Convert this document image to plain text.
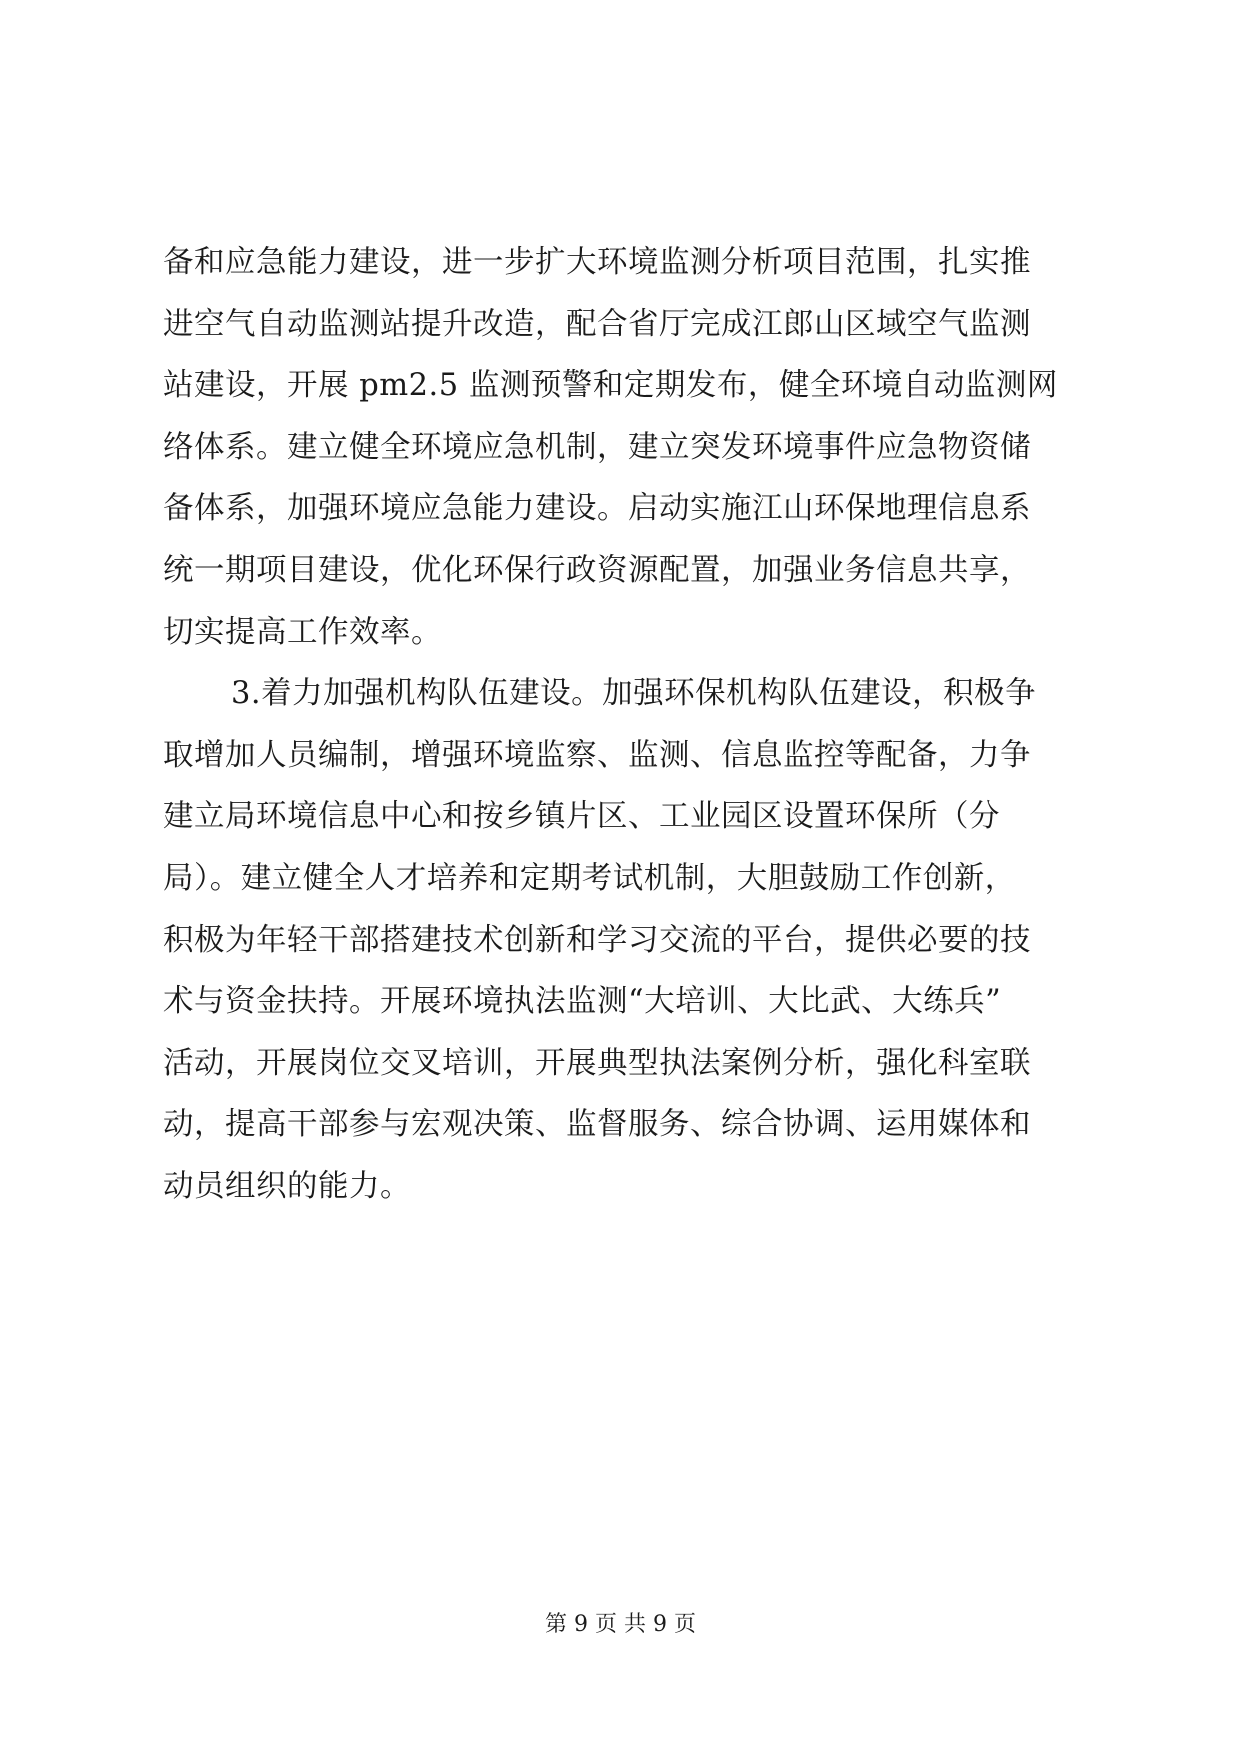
备和应急能力建设，进一步扩大环境监测分析项目范围，扎实推
进空气自动监测站提升改造，配合省厅完成江郎山区域空气监测
站建设，开展 pm2.5 监测预警和定期发布，健全环境自动监测网
络体系。建立健全环境应急机制，建立突发环境事件应急物资储
备体系，加强环境应急能力建设。启动实施江山环保地理信息系
统一期项目建设，优化环保行政资源配置，加强业务信息共享，
切实提高工作效率。
3.着力加强机构队伍建设。加强环保机构队伍建设，积极争
取增加人员编制，增强环境监察、监测、信息监控等配备，力争
建立局环境信息中心和按乡镇片区、工业园区设置环保所（分
局）。建立健全人才培养和定期考试机制，大胆鼓励工作创新，
积极为年轻干部搭建技术创新和学习交流的平台，提供必要的技
术与资金扶持。开展环境执法监测“大培训、大比武、大练兵”
活动，开展岗位交叉培训，开展典型执法案例分析，强化科室联
动，提高干部参与宏观决策、监督服务、综合协调、运用媒体和
动员组织的能力。
第 9 页 共 9 页
